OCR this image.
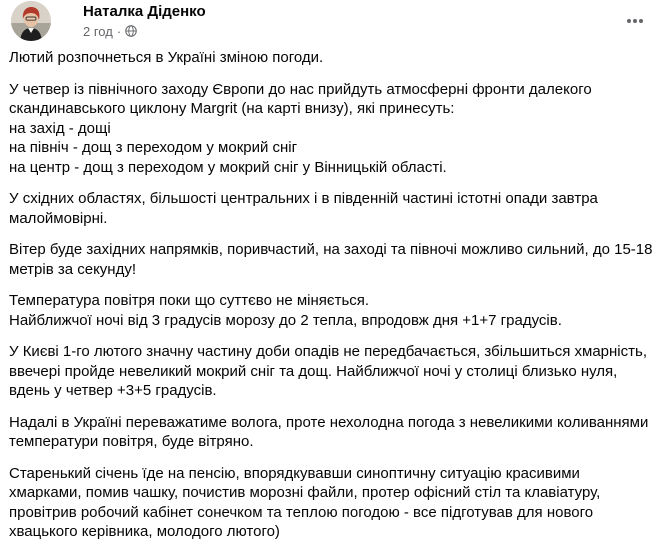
Наталка Діденко
2 год ·

Лютий розпочнеться в Україні зміною погоди.

У четвер із північного заходу Європи до нас прийдуть атмосферні фронти далекого
скандинавського циклону Margrit (на карті внизу), які принесуть:
на захід - дощі
на північ - дощ з переходом у мокрий сніг
на центр - дощ з переходом у мокрий сніг у Вінницькій області.

У східних областях, більшості центральних і в південній частині істотні опади завтра
малоймовірні.

Вітер буде західних напрямків, поривчастий, на заході та півночі можливо сильний, до 15-18
метрів за секунду!

Температура повітря поки що суттєво не міняється.
Найближчої ночі від 3 градусів морозу до 2 тепла, впродовж дня +1+7 градусів.

У Києві 1-го лютого значну частину доби опадів не передбачається, збільшиться хмарність,
ввечері пройде невеликий мокрий сніг та дощ. Найближчої ночі у столиці близько нуля,
вдень у четвер +3+5 градусів.

Надалі в Україні переважатиме волога, проте нехолодна погода з невеликими коливаннями
температури повітря, буде вітряно.

Старенький січень їде на пенсію, впорядкувавши синоптичну ситуацію красивими
хмарками, помив чашку, почистив морозні файли, протер офісний стіл та клавіатуру,
провітрив робочий кабінет сонечком та теплою погодою - все підготував для нового
хвацького керівника, молодого лютого)
